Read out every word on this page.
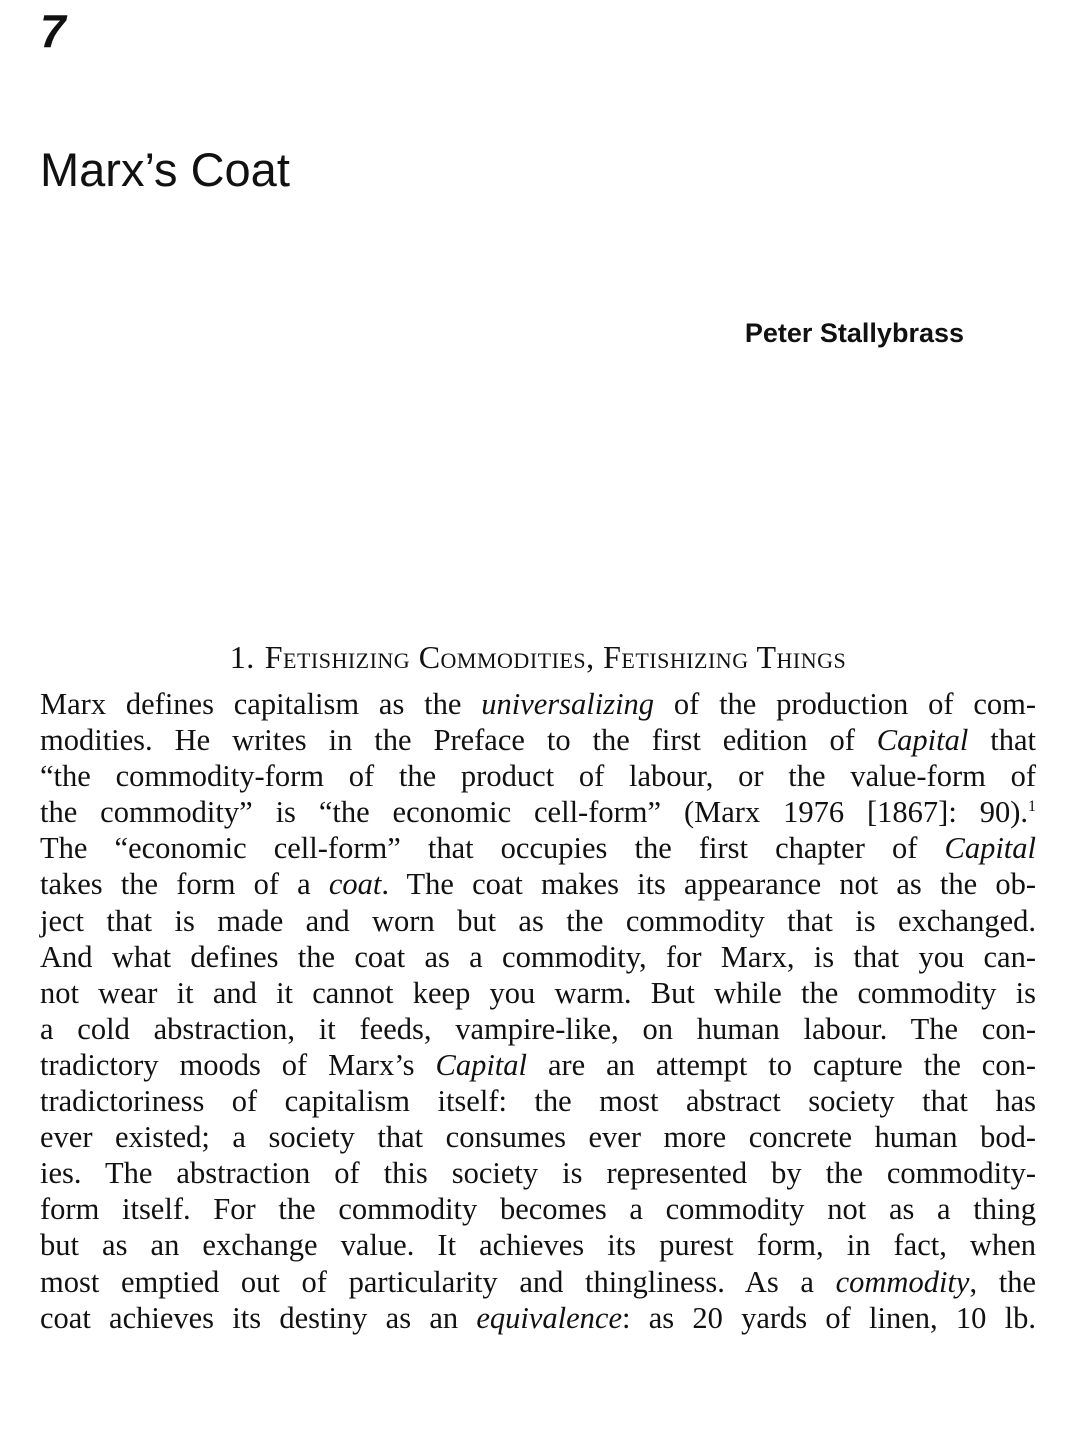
7
Marx’s Coat
Peter Stallybrass
1. Fetishizing Commodities, Fetishizing Things
Marx defines capitalism as the universalizing of the production of com-
modities. He writes in the Preface to the first edition of Capital that
“the commodity-form of the product of labour, or the value-form of
the commodity” is “the economic cell-form” (Marx 1976 [1867]: 90).$^1$
The “economic cell-form” that occupies the first chapter of Capital
takes the form of a coat. The coat makes its appearance not as the ob-
ject that is made and worn but as the commodity that is exchanged.
And what defines the coat as a commodity, for Marx, is that you can-
not wear it and it cannot keep you warm. But while the commodity is
a cold abstraction, it feeds, vampire-like, on human labour. The con-
tradictory moods of Marx’s Capital are an attempt to capture the con-
tradictoriness of capitalism itself: the most abstract society that has
ever existed; a society that consumes ever more concrete human bod-
ies. The abstraction of this society is represented by the commodity-
form itself. For the commodity becomes a commodity not as a thing
but as an exchange value. It achieves its purest form, in fact, when
most emptied out of particularity and thingliness. As a commodity, the
coat achieves its destiny as an equivalence: as 20 yards of linen, 10 lb.
